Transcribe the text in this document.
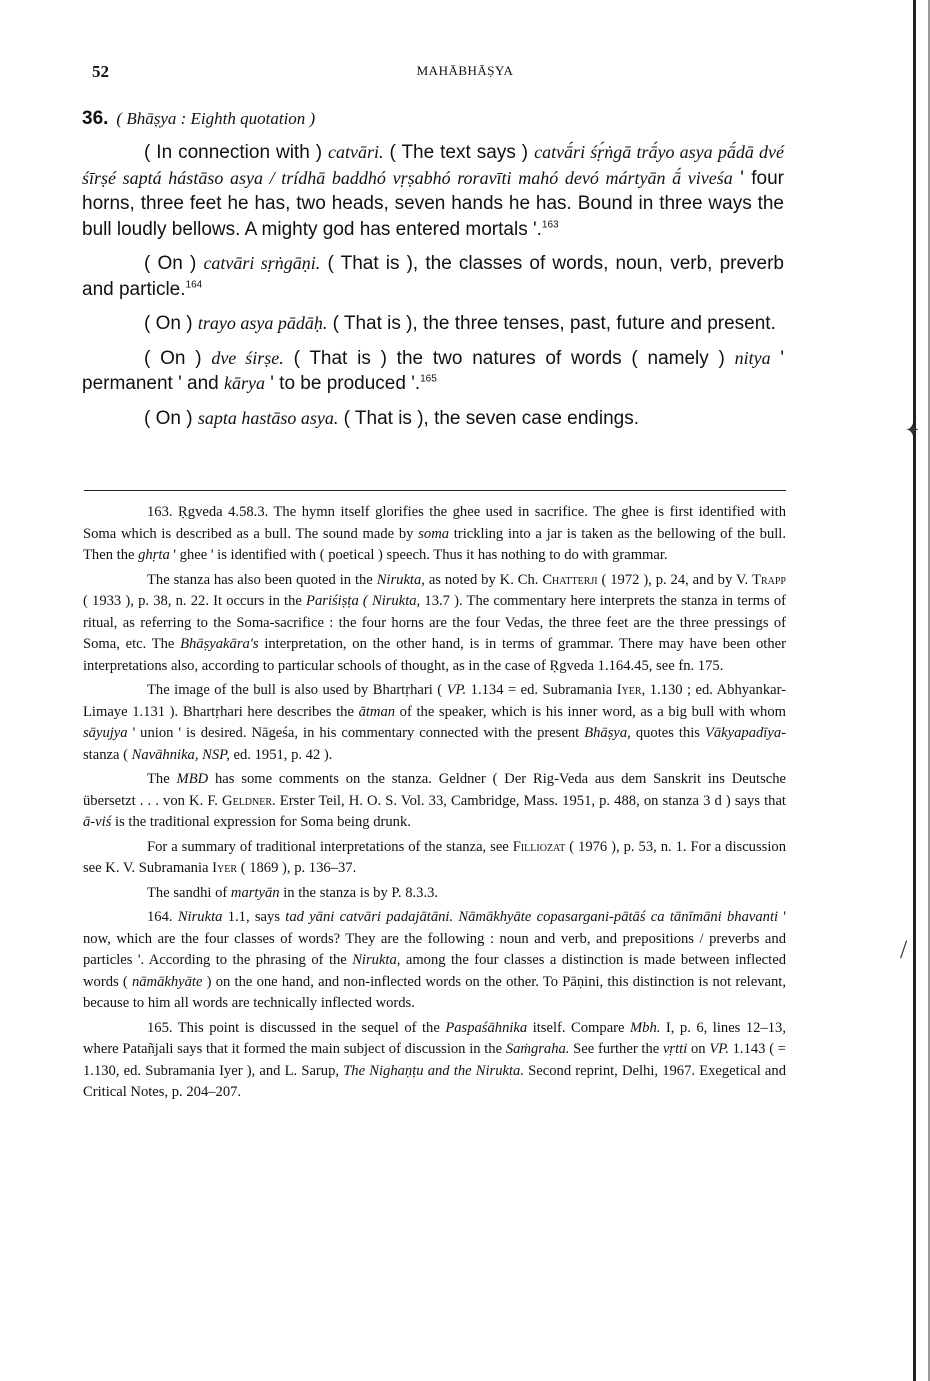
52	MAHĀBHĀṢYA
36. ( Bhāṣya : Eighth quotation )

( In connection with ) catvāri. ( The text says ) catvā́ri śṛ́ṅgā trā́yo asya pā́dā dvé śīrṣé saptá hástāso asya / trídhā baddhó vṛṣabhó roravīti mahó devó mártyān ā́ viveśa ' four horns, three feet he has, two heads, seven hands he has. Bound in three ways the bull loudly bellows. A mighty god has entered mortals '.$^{163}$

( On ) catvāri sṛṅgāṇi. ( That is ), the classes of words, noun, verb, preverb and particle.$^{164}$

( On ) trayo asya pādāḥ. ( That is ), the three tenses, past, future and present.

( On ) dve śirṣe. ( That is ) the two natures of words ( namely ) nitya ' permanent ' and kārya ' to be produced '.$^{165}$

( On ) sapta hastāso asya. ( That is ), the seven case endings.

163. Ṛgveda 4.58.3. The hymn itself glorifies the ghee used in sacrifice. The ghee is first identified with Soma which is described as a bull. The sound made by soma trickling into a jar is taken as the bellowing of the bull. Then the ghṛta ' ghee ' is identified with ( poetical ) speech. Thus it has nothing to do with grammar.

The stanza has also been quoted in the Nirukta, as noted by K. Ch. Chatterji ( 1972 ), p. 24, and by V. Trapp ( 1933 ), p. 38, n. 22. It occurs in the Pariśiṣṭa ( Nirukta, 13.7 ). The commentary here interprets the stanza in terms of ritual, as referring to the Soma-sacrifice : the four horns are the four Vedas, the three feet are the three pressings of Soma, etc. The Bhāṣyakāra's interpretation, on the other hand, is in terms of grammar. There may have been other interpretations also, according to particular schools of thought, as in the case of Ṛgveda 1.164.45, see fn. 175.

The image of the bull is also used by Bhartṛhari ( VP. 1.134 = ed. Subramania Iyer, 1.130 ; ed. Abhyankar-Limaye 1.131 ). Bhartṛhari here describes the ātman of the speaker, which is his inner word, as a big bull with whom sāyujya ' union ' is desired. Nāgeśa, in his commentary connected with the present Bhāṣya, quotes this Vākyapadīya-stanza ( Navāhnika, NSP, ed. 1951, p. 42 ).

The MBD has some comments on the stanza. Geldner ( Der Rig-Veda aus dem Sanskrit ins Deutsche übersetzt . . . von K. F. Geldner. Erster Teil, H. O. S. Vol. 33, Cambridge, Mass. 1951, p. 488, on stanza 3 d ) says that ā-viś is the traditional expression for Soma being drunk.

For a summary of traditional interpretations of the stanza, see Filliozat ( 1976 ), p. 53, n. 1. For a discussion see K. V. Subramania Iyer ( 1869 ), p. 136–37.

The sandhi of martyān in the stanza is by P. 8.3.3.

164. Nirukta 1.1, says tad yāni catvāri padajātāni. Nāmākhyāte copasargani-pātāś ca tānīmāni bhavanti ' now, which are the four classes of words? They are the following : noun and verb, and prepositions / preverbs and particles '. According to the phrasing of the Nirukta, among the four classes a distinction is made between inflected words ( nāmākhyāte ) on the one hand, and non-inflected words on the other. To Pāṇini, this distinction is not relevant, because to him all words are technically inflected words.

165. This point is discussed in the sequel of the Paspaśāhnika itself. Compare Mbh. I, p. 6, lines 12–13, where Patañjali says that it formed the main subject of discussion in the Saṁgraha. See further the vṛtti on VP. 1.143 ( = 1.130, ed. Subramania Iyer ), and L. Sarup, The Nighaṇṭu and the Nirukta. Second reprint, Delhi, 1967. Exegetical and Critical Notes, p. 204–207.

✦
/
